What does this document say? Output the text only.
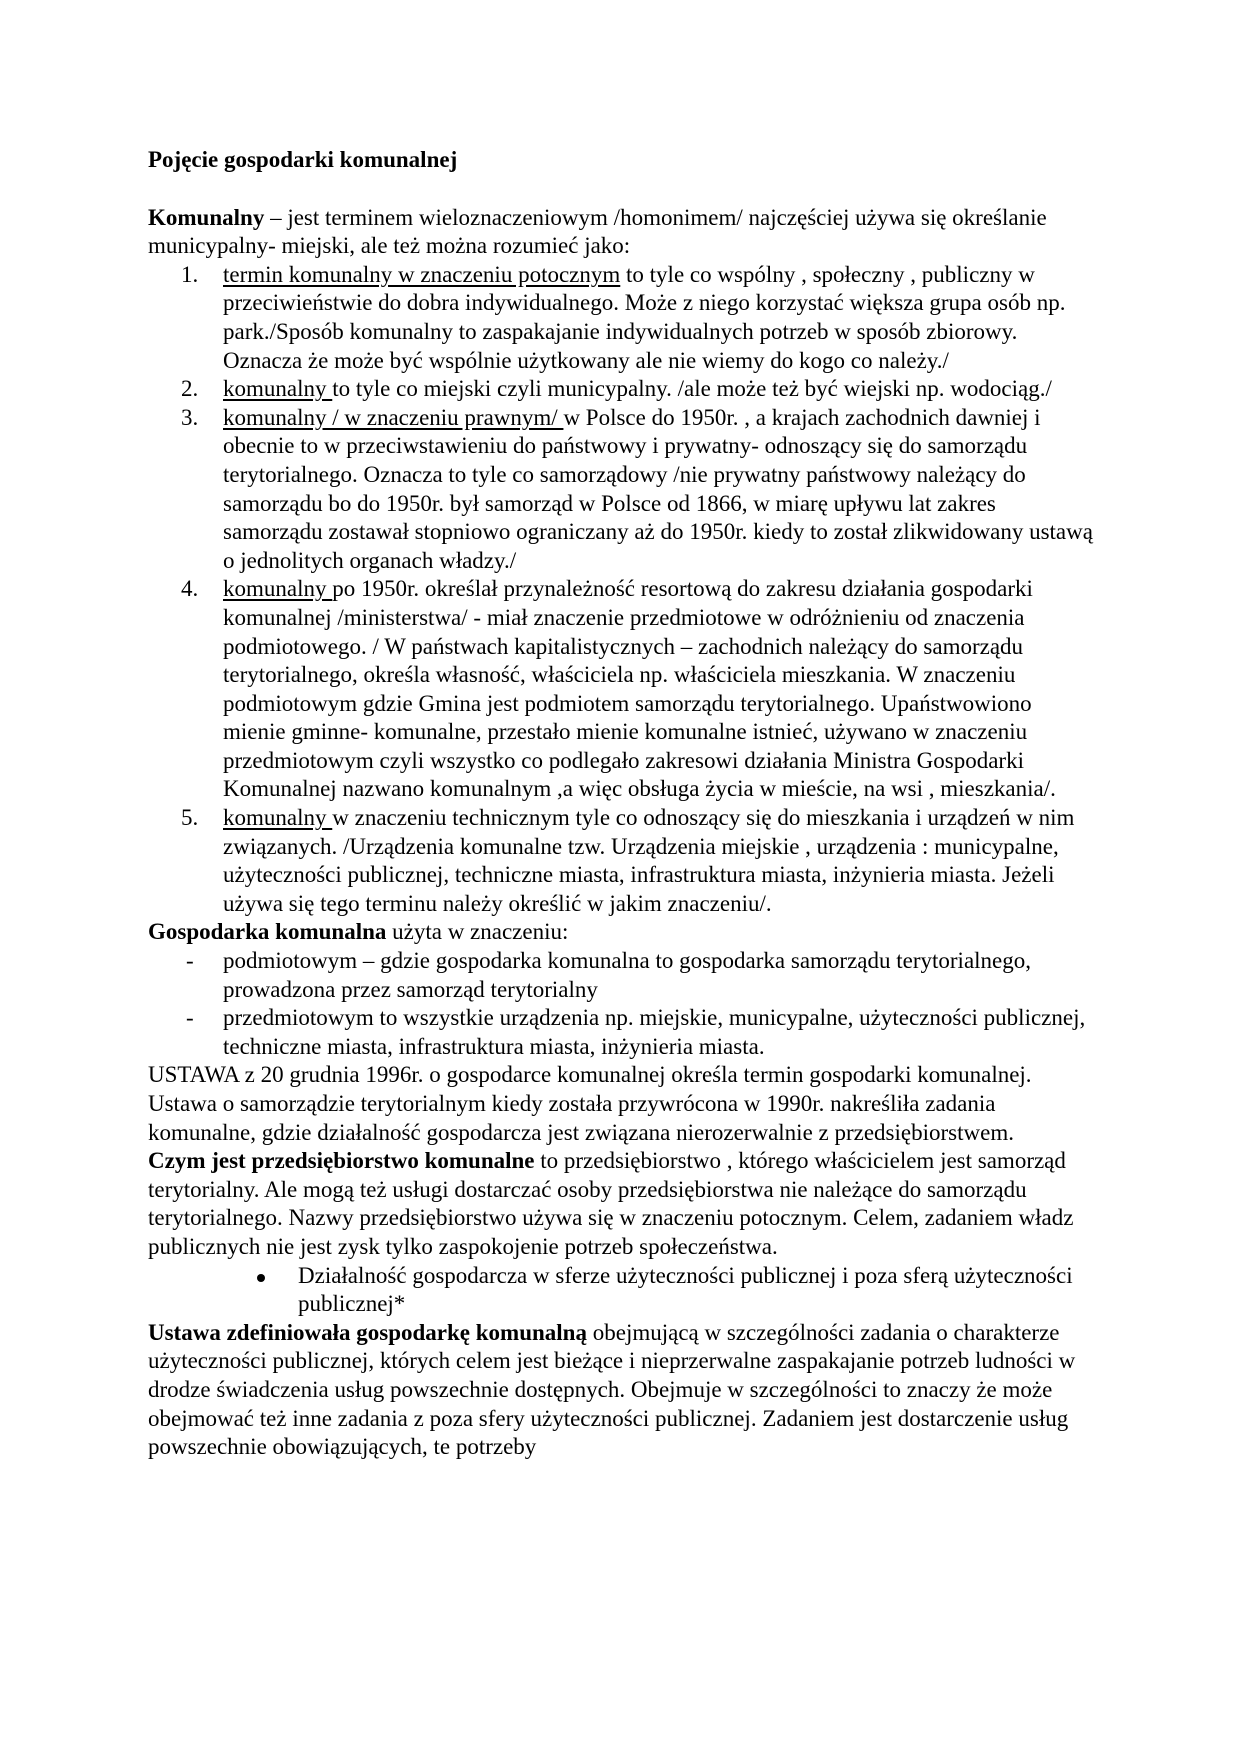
Pojęcie gospodarki komunalnej

Komunalny – jest terminem wieloznaczeniowym /homonimem/ najczęściej używa się określanie municypalny- miejski, ale też można rozumieć jako:

1. termin komunalny w znaczeniu potocznym to tyle co wspólny , społeczny , publiczny w przeciwieństwie do dobra indywidualnego. Może z niego korzystać większa grupa osób np. park./Sposób komunalny to zaspakajanie indywidualnych potrzeb w sposób zbiorowy. Oznacza że może być wspólnie użytkowany ale nie wiemy do kogo co należy./
2. komunalny to tyle co miejski czyli municypalny. /ale może też być wiejski np. wodociąg./
3. komunalny / w znaczeniu prawnym/ w Polsce do 1950r. , a krajach zachodnich dawniej i obecnie to w przeciwstawieniu do państwowy i prywatny- odnoszący się do samorządu terytorialnego. Oznacza to tyle co samorządowy /nie prywatny państwowy należący do samorządu bo do 1950r. był samorząd w Polsce od 1866, w miarę upływu lat zakres samorządu zostawał stopniowo ograniczany aż do 1950r. kiedy to został zlikwidowany ustawą o jednolitych organach władzy./
4. komunalny po 1950r. określał przynależność resortową do zakresu działania gospodarki komunalnej /ministerstwa/ - miał znaczenie przedmiotowe w odróżnieniu od znaczenia podmiotowego. / W państwach kapitalistycznych – zachodnich należący do samorządu terytorialnego, określa własność, właściciela np. właściciela mieszkania. W znaczeniu podmiotowym gdzie Gmina jest podmiotem samorządu terytorialnego. Upaństwowiono mienie gminne- komunalne, przestało mienie komunalne istnieć, używano w znaczeniu przedmiotowym czyli wszystko co podlegało zakresowi działania Ministra Gospodarki Komunalnej nazwano komunalnym ,a więc obsługa życia w mieście, na wsi , mieszkania/.
5. komunalny w znaczeniu technicznym tyle co odnoszący się do mieszkania i urządzeń w nim związanych. /Urządzenia komunalne tzw. Urządzenia miejskie , urządzenia : municypalne, użyteczności publicznej, techniczne miasta, infrastruktura miasta, inżynieria miasta. Jeżeli używa się tego terminu należy określić w jakim znaczeniu/.

Gospodarka komunalna użyta w znaczeniu:

- podmiotowym – gdzie gospodarka komunalna to gospodarka samorządu terytorialnego, prowadzona przez samorząd terytorialny
- przedmiotowym to wszystkie urządzenia np. miejskie, municypalne, użyteczności publicznej, techniczne miasta, infrastruktura miasta, inżynieria miasta.

USTAWA z 20 grudnia 1996r. o gospodarce komunalnej określa termin gospodarki komunalnej. Ustawa o samorządzie terytorialnym kiedy została przywrócona w 1990r. nakreśliła zadania komunalne, gdzie działalność gospodarcza jest związana nierozerwalnie z przedsiębiorstwem.

Czym jest przedsiębiorstwo komunalne to przedsiębiorstwo , którego właścicielem jest samorząd terytorialny. Ale mogą też usługi dostarczać osoby przedsiębiorstwa nie należące do samorządu terytorialnego. Nazwy przedsiębiorstwo używa się w znaczeniu potocznym. Celem, zadaniem władz publicznych nie jest zysk tylko zaspokojenie potrzeb społeczeństwa.

Działalność gospodarcza w sferze użyteczności publicznej i poza sferą użyteczności publicznej*

Ustawa zdefiniowała gospodarkę komunalną obejmującą w szczególności zadania o charakterze użyteczności publicznej, których celem jest bieżące i nieprzerwalne zaspakajanie potrzeb ludności w drodze świadczenia usług powszechnie dostępnych. Obejmuje w szczególności to znaczy że może obejmować też inne zadania z poza sfery użyteczności publicznej. Zadaniem jest dostarczenie usług powszechnie obowiązujących, te potrzeby
